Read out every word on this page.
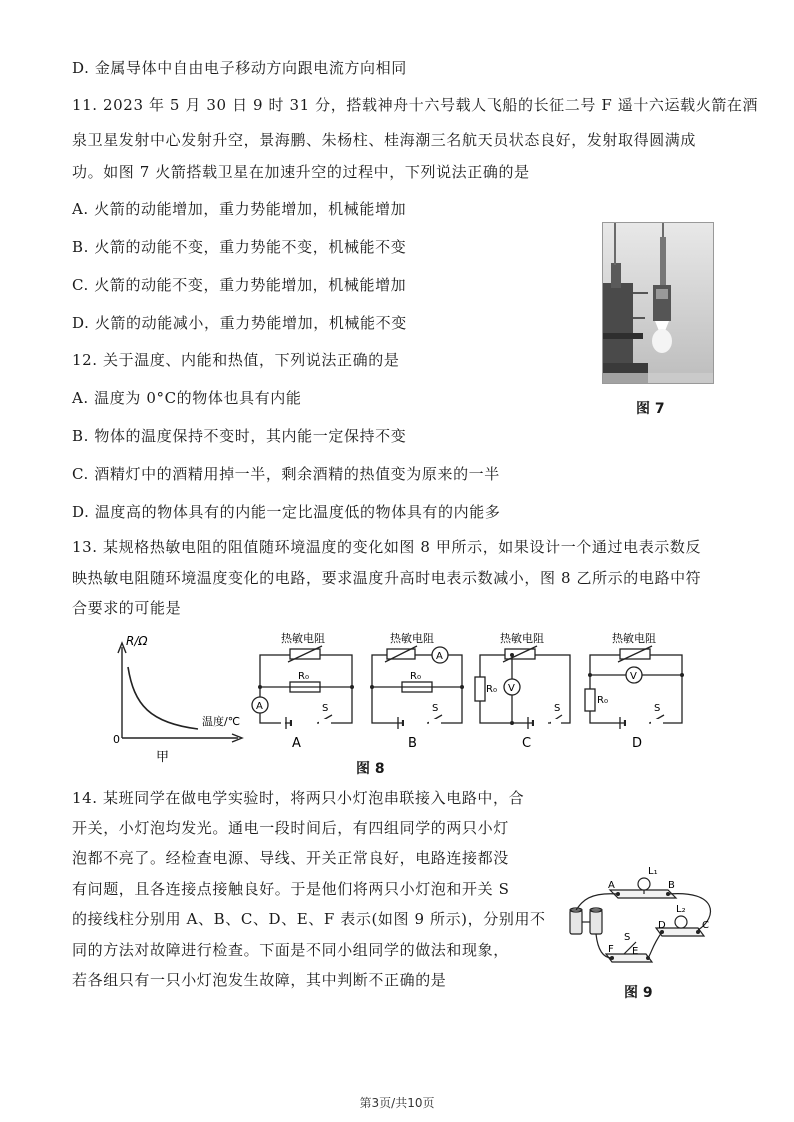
D. 金属导体中自由电子移动方向跟电流方向相同
11. 2023 年 5 月 30 日 9 时 31 分，搭载神舟十六号载人飞船的长征二号 F 遥十六运载火箭在酒
泉卫星发射中心发射升空，景海鹏、朱杨柱、桂海潮三名航天员状态良好，发射取得圆满成
功。如图 7 火箭搭载卫星在加速升空的过程中，下列说法正确的是
A. 火箭的动能增加，重力势能增加，机械能增加
B. 火箭的动能不变，重力势能不变，机械能不变
C. 火箭的动能不变，重力势能增加，机械能增加
D. 火箭的动能减小，重力势能增加，机械能不变
12. 关于温度、内能和热值，下列说法正确的是
A. 温度为 0°C的物体也具有内能
B. 物体的温度保持不变时，其内能一定保持不变
C. 酒精灯中的酒精用掉一半，剩余酒精的热值变为原来的一半
D. 温度高的物体具有的内能一定比温度低的物体具有的内能多
13. 某规格热敏电阻的阻值随环境温度的变化如图 8 甲所示，如果设计一个通过电表示数反
映热敏电阻随环境温度变化的电路，要求温度升高时电表示数减小，图 8 乙所示的电路中符
合要求的可能是
14. 某班同学在做电学实验时，将两只小灯泡串联接入电路中，合
开关，小灯泡均发光。通电一段时间后，有四组同学的两只小灯
泡都不亮了。经检查电源、导线、开关正常良好，电路连接都没
有问题，且各连接点接触良好。于是他们将两只小灯泡和开关 S
的接线柱分别用 A、B、C、D、E、F 表示(如图 9 所示)，分别用不
同的方法对故障进行检查。下面是不同小组同学的做法和现象，
若各组只有一只小灯泡发生故障，其中判断不正确的是
图 7
R/Ω
温度/℃
0
甲
热敏电阻
R₀
A	S
A
热敏电阻
R₀
A
S
B
热敏电阻
R₀ V
S
C
热敏电阻
R₀
V
S
D
图 8
L₁
A	B
L₂
D	C
S
F E
图 9
第3页/共10页
